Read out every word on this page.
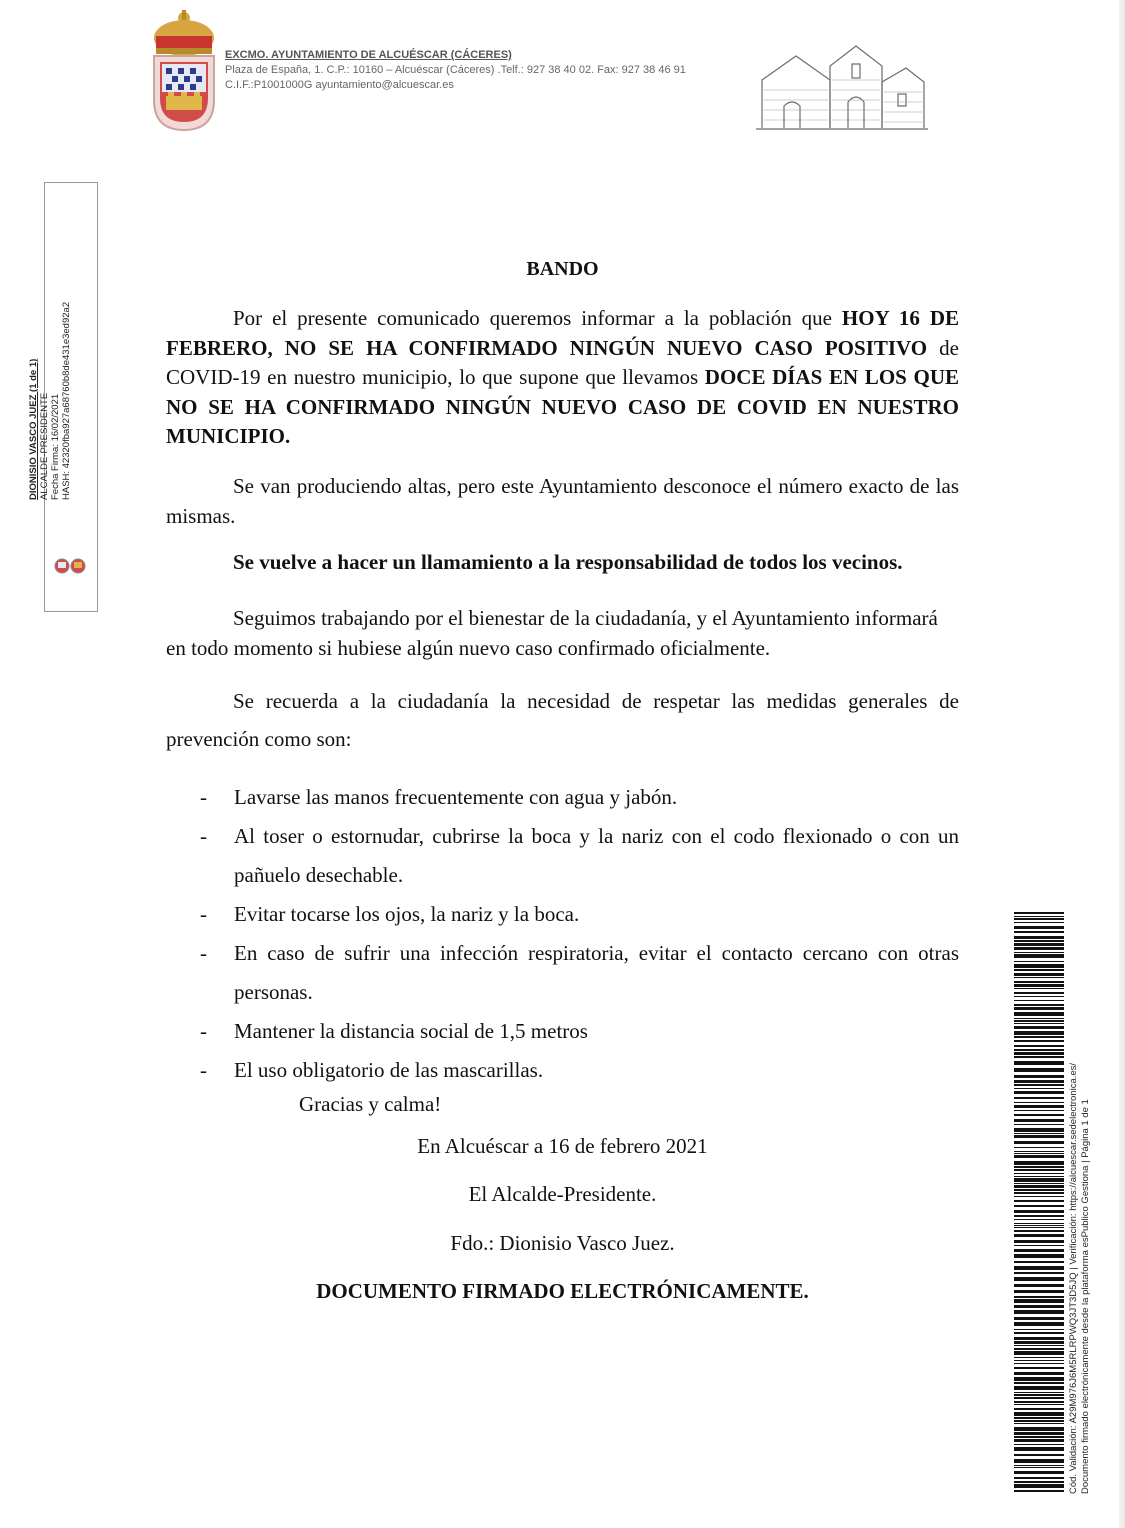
EXCMO. AYUNTAMIENTO DE ALCUÉSCAR (CÁCERES)
Plaza de España, 1. C.P.: 10160 – Alcuéscar (Cáceres) .Telf.: 927 38 40 02. Fax: 927 38 46 91
C.I.F.:P1001000G ayuntamiento@alcuescar.es
DIONISIO VASCO JUEZ (1 de 1) ALCALDE-PRESIDENTE Fecha Firma: 16/02/2021 HASH: 42320fba927a68760b8de431e3ed92a2
BANDO
Por el presente comunicado queremos informar a la población que HOY 16 DE FEBRERO, NO SE HA CONFIRMADO NINGÚN NUEVO CASO POSITIVO de COVID-19 en nuestro municipio, lo que supone que llevamos DOCE DÍAS EN LOS QUE NO SE HA CONFIRMADO NINGÚN NUEVO CASO DE COVID EN NUESTRO MUNICIPIO.
Se van produciendo altas, pero este Ayuntamiento desconoce el número exacto de las mismas.
Se vuelve a hacer un llamamiento a la responsabilidad de todos los vecinos.
Seguimos trabajando por el bienestar de la ciudadanía, y el Ayuntamiento informará en todo momento si hubiese algún nuevo caso confirmado oficialmente.
Se recuerda a la ciudadanía la necesidad de respetar las medidas generales de prevención como son:
- Lavarse las manos frecuentemente con agua y jabón.
- Al toser o estornudar, cubrirse la boca y la nariz con el codo flexionado o con un pañuelo desechable.
- Evitar tocarse los ojos, la nariz y la boca.
- En caso de sufrir una infección respiratoria, evitar el contacto cercano con otras personas.
- Mantener la distancia social de 1,5 metros
- El uso obligatorio de las mascarillas.
Gracias y calma!
En Alcuéscar a 16 de febrero 2021
El Alcalde-Presidente.
Fdo.: Dionisio Vasco Juez.
DOCUMENTO FIRMADO ELECTRÓNICAMENTE.	Cód. Validación: A29M976J6M5RLRPWQ3JT3D5JQ | Verificación: https://alcuescar.sedelectronica.es/ Documento firmado electrónicamente desde la plataforma esPublico Gestiona | Página 1 de 1
